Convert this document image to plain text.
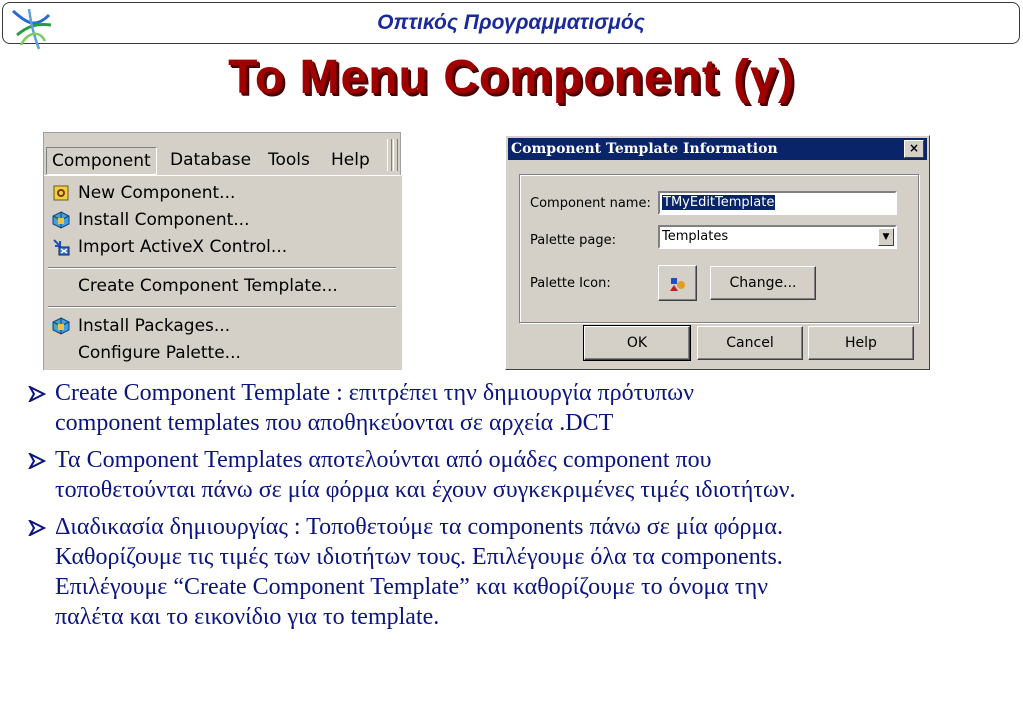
Οπτικός Προγραμματισμός
To Menu Component (γ)
Component	Database Tools Help
New Component...
Install Component...
Import ActiveX Control...
Create Component Template...
Install Packages...
Configure Palette...
Component Template Information	×
Component name: TMyEditTemplate
Palette page:	Templates	▼
Palette Icon:	Change...
OK	Cancel	Help
Create Component Template : επιτρέπει την δημιουργία πρότυπων
component templates που αποθηκεύονται σε αρχεία .DCT
Τα Component Templates αποτελούνται από ομάδες component που
τοποθετούνται πάνω σε μία φόρμα και έχουν συγκεκριμένες τιμές ιδιοτήτων.
Διαδικασία δημιουργίας : Τοποθετούμε τα components πάνω σε μία φόρμα.
Καθορίζουμε τις τιμές των ιδιοτήτων τους. Επιλέγουμε όλα τα components.
Επιλέγουμε “Create Component Template” και καθορίζουμε το όνομα την
παλέτα και το εικονίδιο για το template.
